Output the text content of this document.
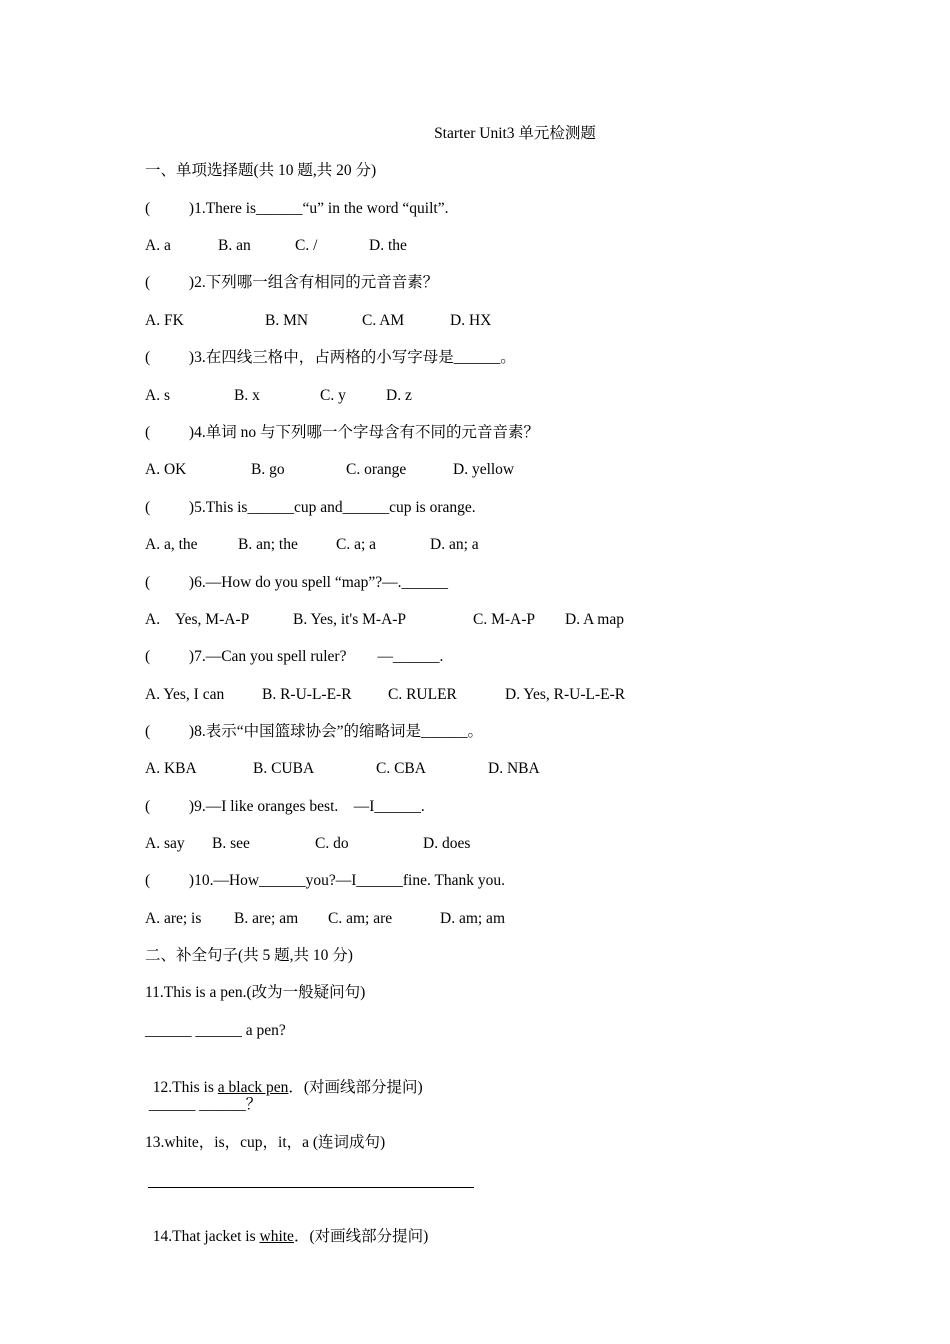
Starter Unit3 单元检测题
一、单项选择题(共 10 题,共 20 分)
(          )1.There is______“u” in the word “quilt”.
A. a	B. an	C. /	D. the
(          )2.下列哪一组含有相同的元音音素？
A. FK	B. MN	C. AM	D. HX
(          )3.在四线三格中，占两格的小写字母是______。
A. s	B. x	C. y	D. z
(          )4.单词 no 与下列哪一个字母含有不同的元音音素？
A. OK	B. go	C. orange	D. yellow
(          )5.This is______cup and______cup is orange.
A. a, the	B. an; the C. a; a	D. an; a
(          )6.—How do you spell “map”?—.______
A.    Yes, M-A-P	B. Yes, it's M-A-P	C. M-A-P D. A map
(          )7.—Can you spell ruler?        —______.
A. Yes, I can B. R-U-L-E-R C. RULER	D. Yes, R-U-L-E-R
(          )8.表示“中国篮球协会”的缩略词是______。
A. KBA	B. CUBA	C. CBA	D. NBA
(          )9.—I like oranges best.    —I______.
A. say B. see	C. do	D. does
(          )10.—How______you?—I______fine. Thank you.
A. are; is B. are; am C. am; are	D. am; am
二、补全句子(共 5 题,共 10 分)
11.This is a pen.(改为一般疑问句)
______ ______ a pen?

12.This is a black pen．(对画线部分提问)

______ ______？
13.white，is，cup，it，a (连词成句)

14.That jacket is white．(对画线部分提问)
